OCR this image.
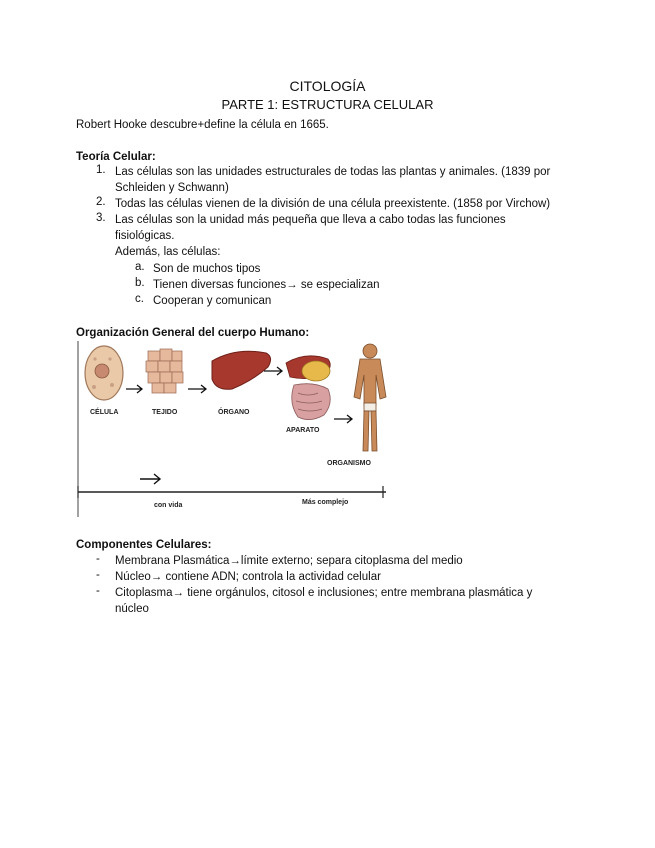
CITOLOGÍA
PARTE 1: ESTRUCTURA CELULAR
Robert Hooke descubre+define la célula en 1665.
Teoría Celular:
1. Las células son las unidades estructurales de todas las plantas y animales. (1839 por
Schleiden y Schwann)
2. Todas las células vienen de la división de una célula preexistente. (1858 por Virchow)
3. Las células son la unidad más pequeña que lleva a cabo todas las funciones
fisiológicas.
Además, las células:
a. Son de muchos tipos
b. Tienen diversas funciones→ se especializan
c. Cooperan y comunican
Organización General del cuerpo Humano:
CÉLULA	TEJIDO	ÓRGANO
APARATO
ORGANISMO
con vida	Más complejo
Componentes Celulares:
- Membrana Plasmática→límite externo; separa citoplasma del medio
- Núcleo→ contiene ADN; controla la actividad celular
- Citoplasma→ tiene orgánulos, citosol e inclusiones; entre membrana plasmática y
núcleo
